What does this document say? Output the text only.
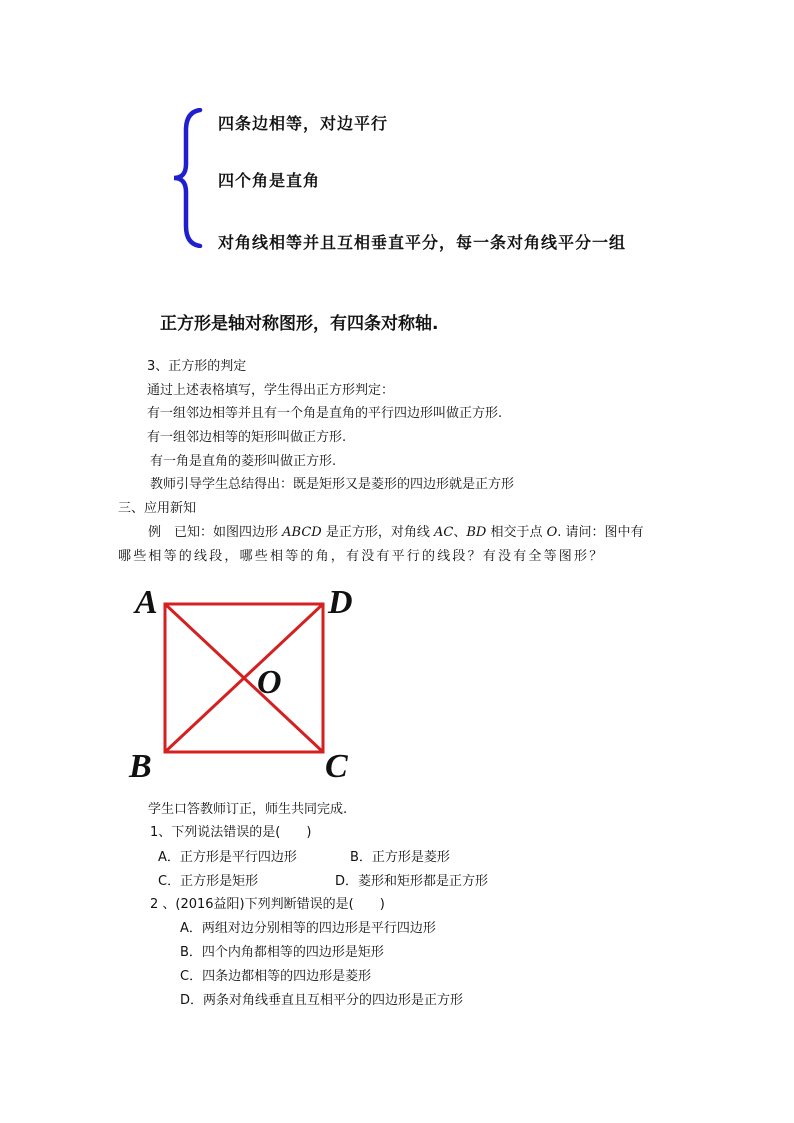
四条边相等，对边平行
四个角是直角
对角线相等并且互相垂直平分，每一条对角线平分一组
正方形是轴对称图形，有四条对称轴.
3、正方形的判定
通过上述表格填写，学生得出正方形判定：
有一组邻边相等并且有一个角是直角的平行四边形叫做正方形.
有一组邻边相等的矩形叫做正方形.
有一角是直角的菱形叫做正方形.
教师引导学生总结得出：既是矩形又是菱形的四边形就是正方形
三、应用新知
例　已知：如图四边形 ABCD 是正方形，对角线 AC、BD 相交于点 O. 请问：图中有
哪些相等的线段，哪些相等的角，有没有平行的线段？有没有全等图形？
A	D
O
B	C
学生口答教师订正，师生共同完成.
1、下列说法错误的是(　　)
A．正方形是平行四边形	B．正方形是菱形
C．正方形是矩形	D．菱形和矩形都是正方形
2 、(2016益阳)下列判断错误的是(　　)
A．两组对边分别相等的四边形是平行四边形
B．四个内角都相等的四边形是矩形
C．四条边都相等的四边形是菱形
D．两条对角线垂直且互相平分的四边形是正方形
